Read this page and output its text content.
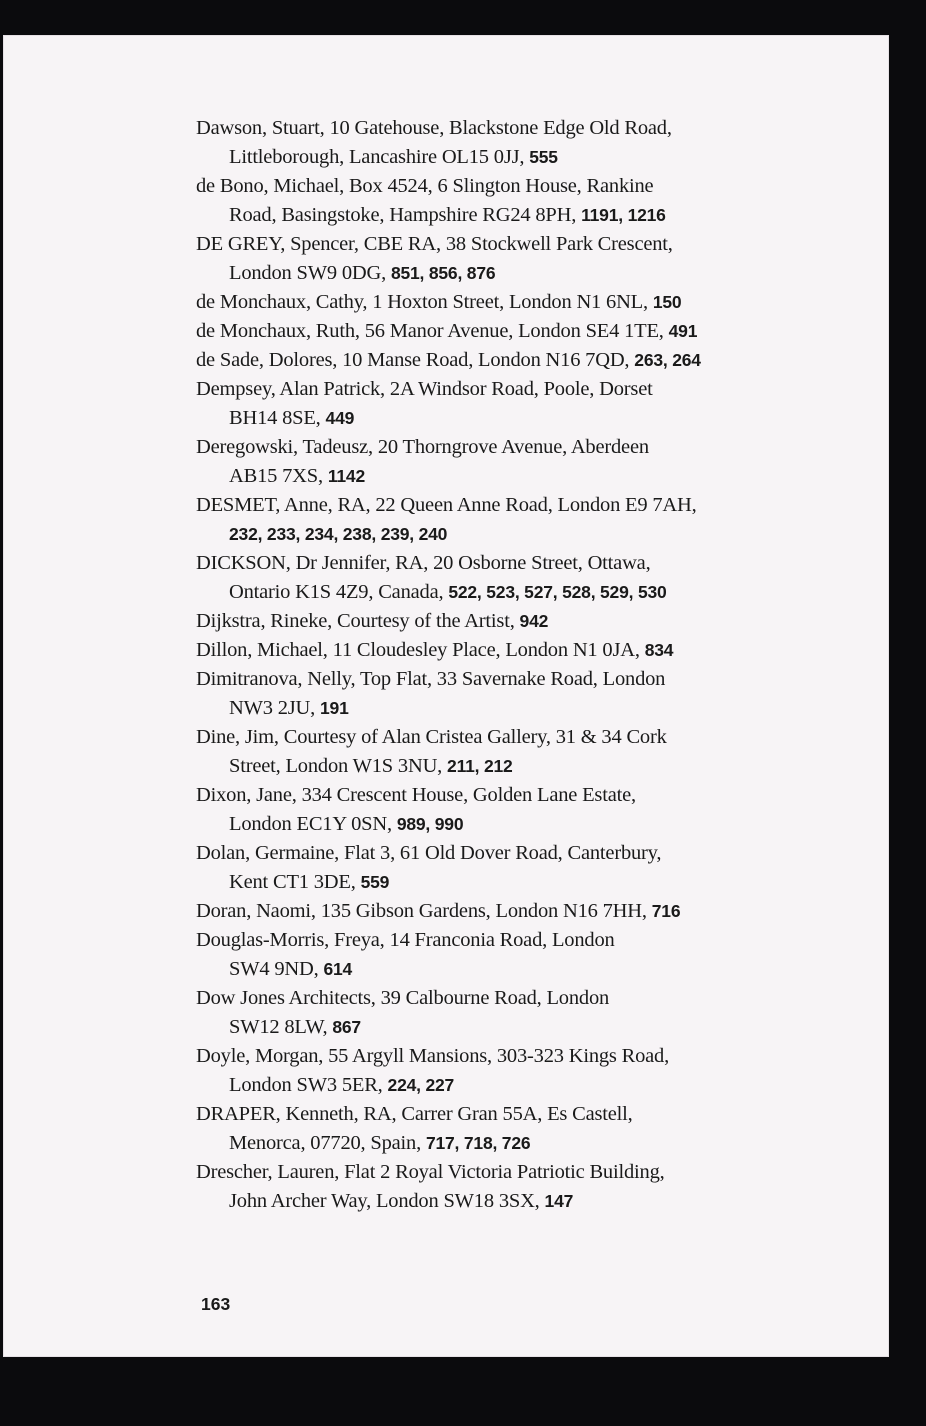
Dawson, Stuart, 10 Gatehouse, Blackstone Edge Old Road,
Littleborough, Lancashire OL15 0JJ, 555
de Bono, Michael, Box 4524, 6 Slington House, Rankine
Road, Basingstoke, Hampshire RG24 8PH, 1191, 1216
DE GREY, Spencer, CBE RA, 38 Stockwell Park Crescent,
London SW9 0DG, 851, 856, 876
de Monchaux, Cathy, 1 Hoxton Street, London N1 6NL, 150
de Monchaux, Ruth, 56 Manor Avenue, London SE4 1TE, 491
de Sade, Dolores, 10 Manse Road, London N16 7QD, 263, 264
Dempsey, Alan Patrick, 2A Windsor Road, Poole, Dorset
BH14 8SE, 449
Deregowski, Tadeusz, 20 Thorngrove Avenue, Aberdeen
AB15 7XS, 1142
DESMET, Anne, RA, 22 Queen Anne Road, London E9 7AH,
232, 233, 234, 238, 239, 240
DICKSON, Dr Jennifer, RA, 20 Osborne Street, Ottawa,
Ontario K1S 4Z9, Canada, 522, 523, 527, 528, 529, 530
Dijkstra, Rineke, Courtesy of the Artist, 942
Dillon, Michael, 11 Cloudesley Place, London N1 0JA, 834
Dimitranova, Nelly, Top Flat, 33 Savernake Road, London
NW3 2JU, 191
Dine, Jim, Courtesy of Alan Cristea Gallery, 31 & 34 Cork
Street, London W1S 3NU, 211, 212
Dixon, Jane, 334 Crescent House, Golden Lane Estate,
London EC1Y 0SN, 989, 990
Dolan, Germaine, Flat 3, 61 Old Dover Road, Canterbury,
Kent CT1 3DE, 559
Doran, Naomi, 135 Gibson Gardens, London N16 7HH, 716
Douglas-Morris, Freya, 14 Franconia Road, London
SW4 9ND, 614
Dow Jones Architects, 39 Calbourne Road, London
SW12 8LW, 867
Doyle, Morgan, 55 Argyll Mansions, 303-323 Kings Road,
London SW3 5ER, 224, 227
DRAPER, Kenneth, RA, Carrer Gran 55A, Es Castell,
Menorca, 07720, Spain, 717, 718, 726
Drescher, Lauren, Flat 2 Royal Victoria Patriotic Building,
John Archer Way, London SW18 3SX, 147
163
